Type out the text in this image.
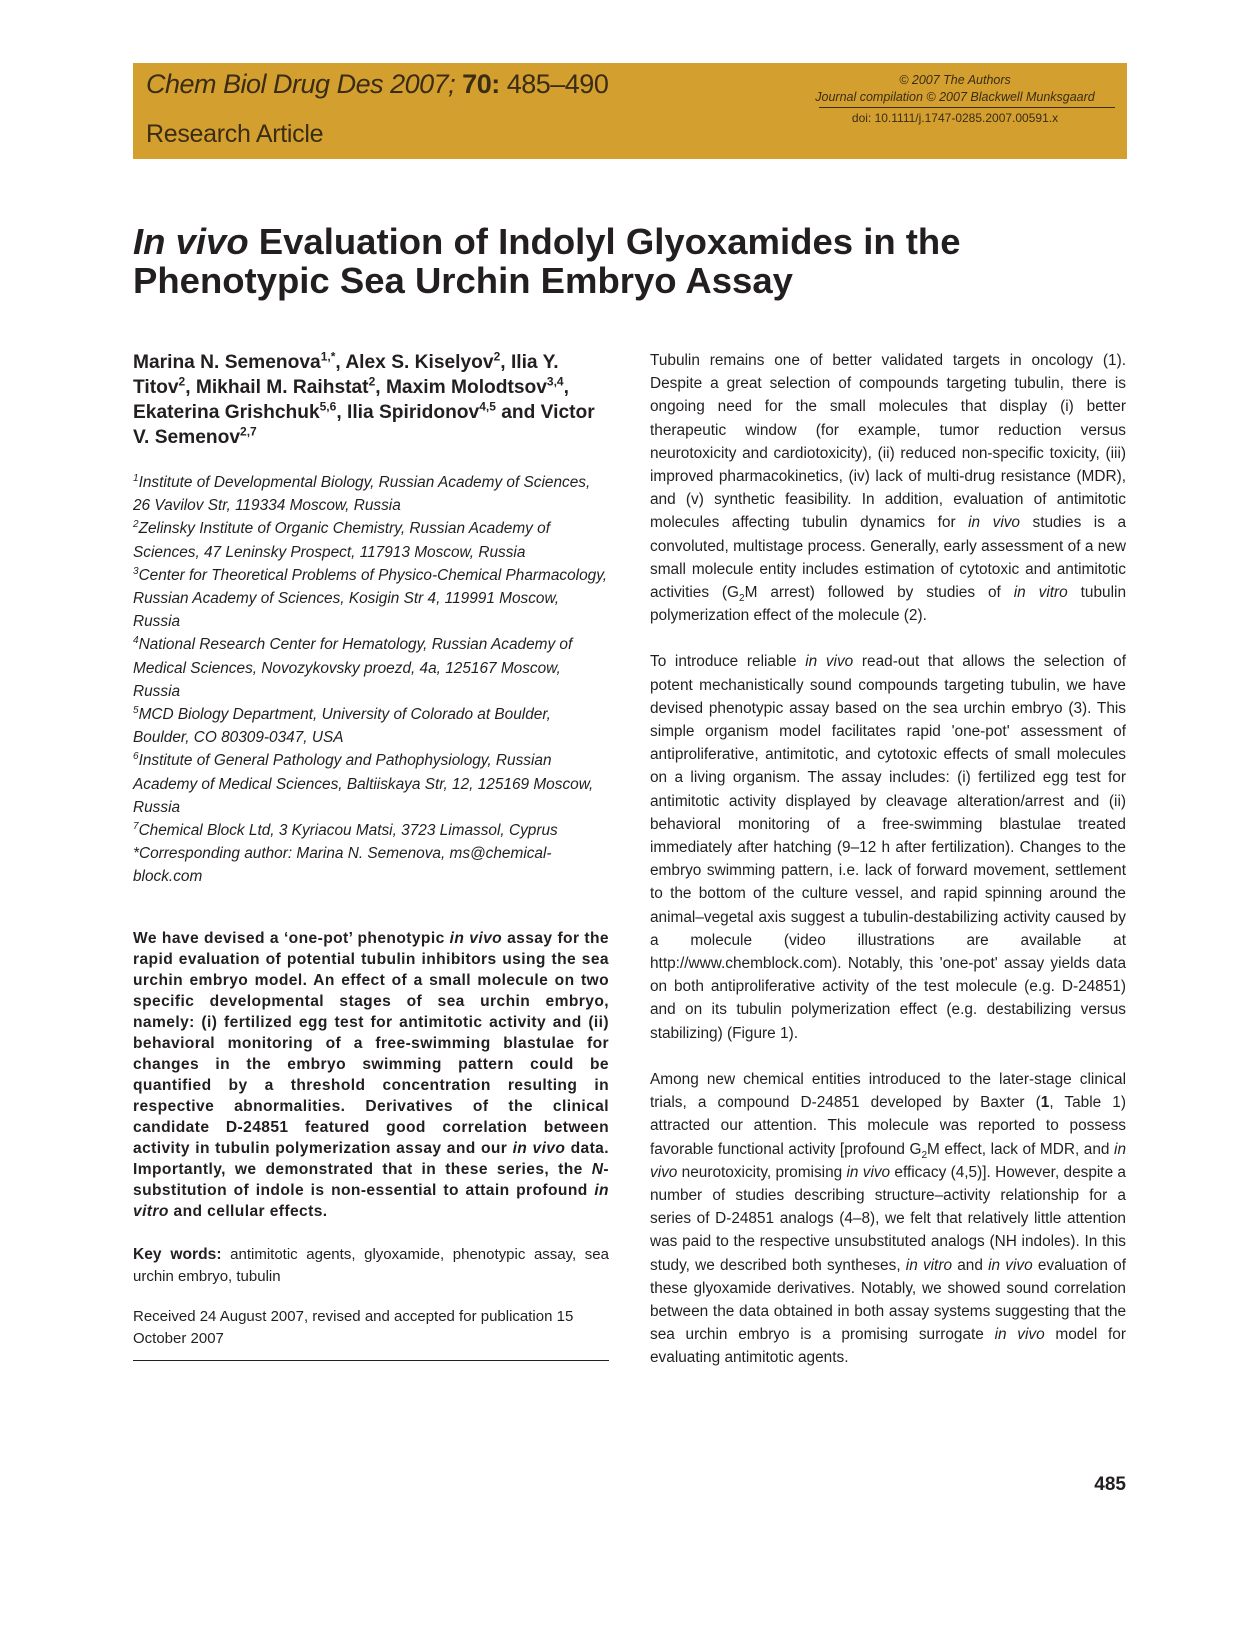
Chem Biol Drug Des 2007; 70: 485–490
Research Article
© 2007 The Authors
Journal compilation © 2007 Blackwell Munksgaard
doi: 10.1111/j.1747-0285.2007.00591.x
In vivo Evaluation of Indolyl Glyoxamides in the Phenotypic Sea Urchin Embryo Assay

Marina N. Semenova$^{1,*}$, Alex S. Kiselyov$^2$, Ilia Y. Titov$^2$, Mikhail M. Raihstat$^2$, Maxim Molodtsov$^{3,4}$, Ekaterina Grishchuk$^{5,6}$, Ilia Spiridonov$^{4,5}$ and Victor V. Semenov$^{2,7}$

$^1$Institute of Developmental Biology, Russian Academy of Sciences, 26 Vavilov Str, 119334 Moscow, Russia
$^2$Zelinsky Institute of Organic Chemistry, Russian Academy of Sciences, 47 Leninsky Prospect, 117913 Moscow, Russia
$^3$Center for Theoretical Problems of Physico-Chemical Pharmacology, Russian Academy of Sciences, Kosigin Str 4, 119991 Moscow, Russia
$^4$National Research Center for Hematology, Russian Academy of Medical Sciences, Novozykovsky proezd, 4a, 125167 Moscow, Russia
$^5$MCD Biology Department, University of Colorado at Boulder, Boulder, CO 80309-0347, USA
$^6$Institute of General Pathology and Pathophysiology, Russian Academy of Medical Sciences, Baltiiskaya Str, 12, 125169 Moscow, Russia
$^7$Chemical Block Ltd, 3 Kyriacou Matsi, 3723 Limassol, Cyprus
*Corresponding author: Marina N. Semenova, ms@chemical-block.com
We have devised a ‘one-pot’ phenotypic in vivo assay for the rapid evaluation of potential tubulin inhibitors using the sea urchin embryo model. An effect of a small molecule on two specific developmental stages of sea urchin embryo, namely: (i) fertilized egg test for antimitotic activity and (ii) behavioral monitoring of a free-swimming blastulae for changes in the embryo swimming pattern could be quantified by a threshold concentration resulting in respective abnormalities. Derivatives of the clinical candidate D-24851 featured good correlation between activity in tubulin polymerization assay and our in vivo data. Importantly, we demonstrated that in these series, the N-substitution of indole is non-essential to attain profound in vitro and cellular effects.
Key words: antimitotic agents, glyoxamide, phenotypic assay, sea urchin embryo, tubulin
Received 24 August 2007, revised and accepted for publication 15 October 2007

Tubulin remains one of better validated targets in oncology (1). Despite a great selection of compounds targeting tubulin, there is ongoing need for the small molecules that display (i) better therapeutic window (for example, tumor reduction versus neurotoxicity and cardiotoxicity), (ii) reduced non-specific toxicity, (iii) improved pharmacokinetics, (iv) lack of multi-drug resistance (MDR), and (v) synthetic feasibility. In addition, evaluation of antimitotic molecules affecting tubulin dynamics for in vivo studies is a convoluted, multistage process. Generally, early assessment of a new small molecule entity includes estimation of cytotoxic and antimitotic activities ($G_2M$ arrest) followed by studies of in vitro tubulin polymerization effect of the molecule (2).

To introduce reliable in vivo read-out that allows the selection of potent mechanistically sound compounds targeting tubulin, we have devised phenotypic assay based on the sea urchin embryo (3). This simple organism model facilitates rapid 'one-pot' assessment of antiproliferative, antimitotic, and cytotoxic effects of small molecules on a living organism. The assay includes: (i) fertilized egg test for antimitotic activity displayed by cleavage alteration/arrest and (ii) behavioral monitoring of a free-swimming blastulae treated immediately after hatching (9–12 h after fertilization). Changes to the embryo swimming pattern, i.e. lack of forward movement, settlement to the bottom of the culture vessel, and rapid spinning around the animal–vegetal axis suggest a tubulin-destabilizing activity caused by a molecule (video illustrations are available at http://www.chemblock.com). Notably, this 'one-pot' assay yields data on both antiproliferative activity of the test molecule (e.g. D-24851) and on its tubulin polymerization effect (e.g. destabilizing versus stabilizing) (Figure 1).

Among new chemical entities introduced to the later-stage clinical trials, a compound D-24851 developed by Baxter (1, Table 1) attracted our attention. This molecule was reported to possess favorable functional activity [profound $G_2M$ effect, lack of MDR, and in vivo neurotoxicity, promising in vivo efficacy (4,5)]. However, despite a number of studies describing structure–activity relationship for a series of D-24851 analogs (4–8), we felt that relatively little attention was paid to the respective unsubstituted analogs (NH indoles). In this study, we described both syntheses, in vitro and in vivo evaluation of these glyoxamide derivatives. Notably, we showed sound correlation between the data obtained in both assay systems suggesting that the sea urchin embryo is a promising surrogate in vivo model for evaluating antimitotic agents.

485
